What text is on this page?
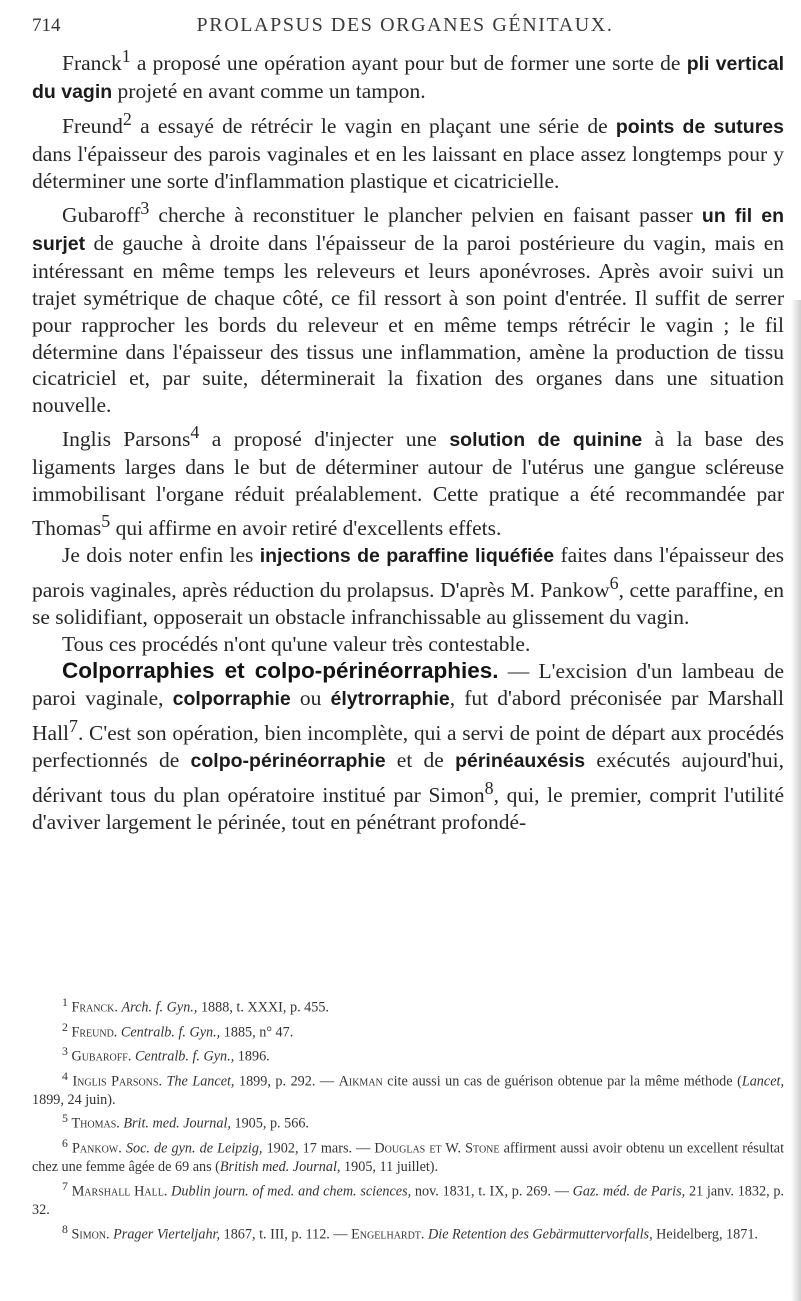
714	PROLAPSUS DES ORGANES GÉNITAUX.

Franck$^1$ a proposé une opération ayant pour but de former une sorte de pli vertical du vagin projeté en avant comme un tampon.

Freund$^2$ a essayé de rétrécir le vagin en plaçant une série de points de sutures dans l'épaisseur des parois vaginales et en les laissant en place assez longtemps pour y déterminer une sorte d'inflammation plastique et cicatricielle.

Gubaroff$^3$ cherche à reconstituer le plancher pelvien en faisant passer un fil en surjet de gauche à droite dans l'épaisseur de la paroi postérieure du vagin, mais en intéressant en même temps les releveurs et leurs aponévroses. Après avoir suivi un trajet symétrique de chaque côté, ce fil ressort à son point d'entrée. Il suffit de serrer pour rapprocher les bords du releveur et en même temps rétrécir le vagin ; le fil détermine dans l'épaisseur des tissus une inflammation, amène la production de tissu cicatriciel et, par suite, déterminerait la fixation des organes dans une situation nouvelle.

Inglis Parsons$^4$ a proposé d'injecter une solution de quinine à la base des ligaments larges dans le but de déterminer autour de l'utérus une gangue scléreuse immobilisant l'organe réduit préalablement. Cette pratique a été recommandée par Thomas$^5$ qui affirme en avoir retiré d'excellents effets.

Je dois noter enfin les injections de paraffine liquéfiée faites dans l'épaisseur des parois vaginales, après réduction du prolapsus. D'après M. Pankow$^6$, cette paraffine, en se solidifiant, opposerait un obstacle infranchissable au glissement du vagin.

Tous ces procédés n'ont qu'une valeur très contestable.

Colporraphies et colpo-périnéorraphies. — L'excision d'un lambeau de paroi vaginale, colporraphie ou élytrorraphie, fut d'abord préconisée par Marshall Hall$^7$. C'est son opération, bien incomplète, qui a servi de point de départ aux procédés perfectionnés de colpo-périnéorraphie et de périnéauxésis exécutés aujourd'hui, dérivant tous du plan opératoire institué par Simon$^8$, qui, le premier, comprit l'utilité d'aviver largement le périnée, tout en pénétrant profondé-

$^1$ Franck. Arch. f. Gyn., 1888, t. XXXI, p. 455.

$^2$ Freund. Centralb. f. Gyn., 1885, n° 47.

$^3$ Gubaroff. Centralb. f. Gyn., 1896.

$^4$ Inglis Parsons. The Lancet, 1899, p. 292. — Aikman cite aussi un cas de guérison obtenue par la même méthode (Lancet, 1899, 24 juin).

$^5$ Thomas. Brit. med. Journal, 1905, p. 566.

$^6$ Pankow. Soc. de gyn. de Leipzig, 1902, 17 mars. — Douglas et W. Stone affirment aussi avoir obtenu un excellent résultat chez une femme âgée de 69 ans (British med. Journal, 1905, 11 juillet).

$^7$ Marshall Hall. Dublin journ. of med. and chem. sciences, nov. 1831, t. IX, p. 269. — Gaz. méd. de Paris, 21 janv. 1832, p. 32.

$^8$ Simon. Prager Vierteljahr, 1867, t. III, p. 112. — Engelhardt. Die Retention des Gebärmuttervorfalls, Heidelberg, 1871.
